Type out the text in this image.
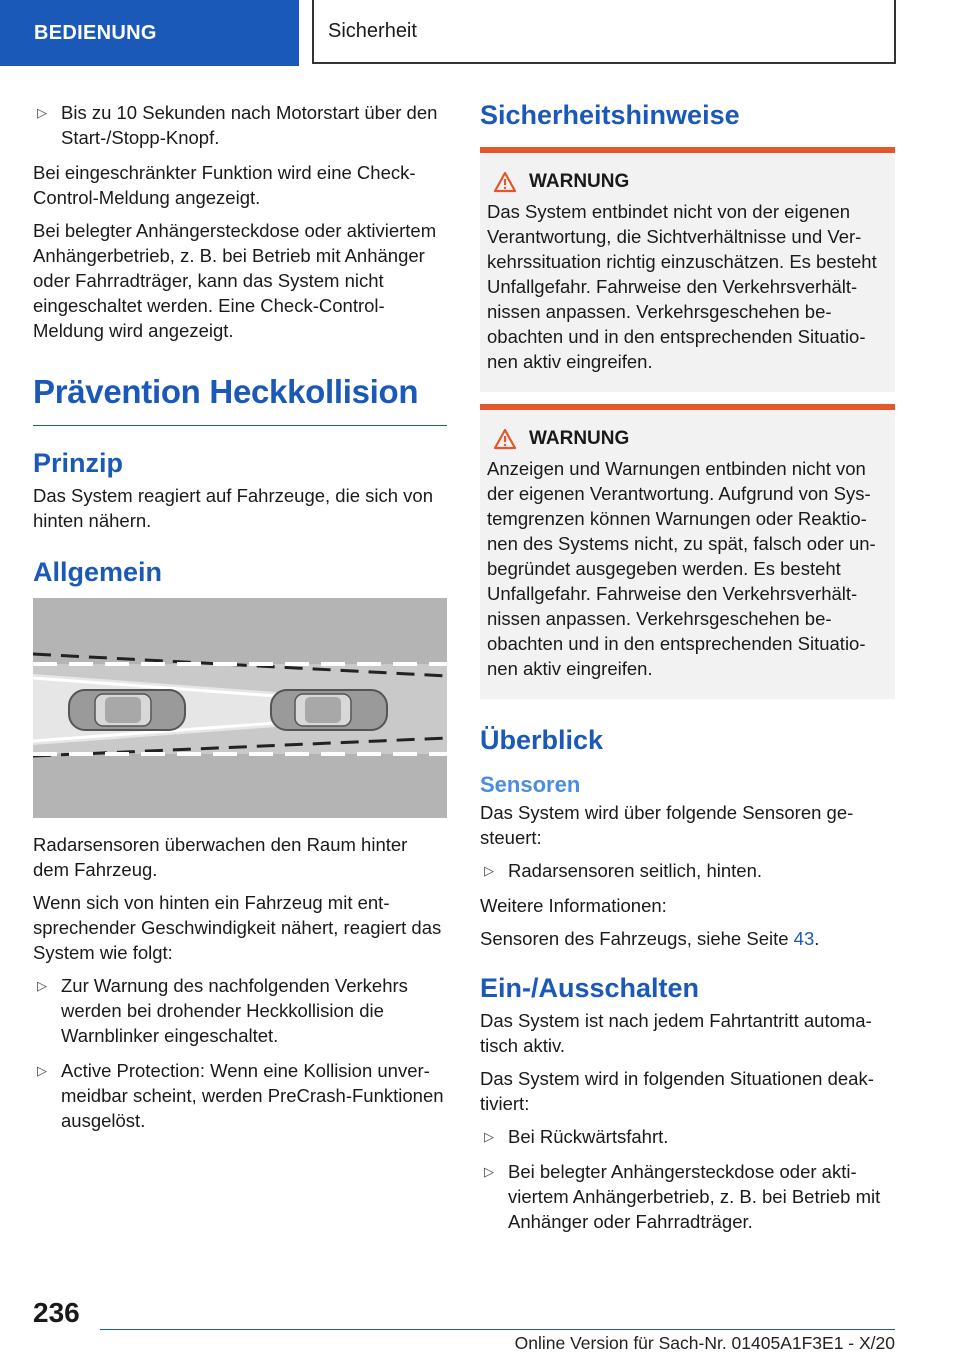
BEDIENUNG	Sicherheit
▷ Bis zu 10 Sekunden nach Motorstart über den Start-/Stopp-Knopf.

Bei eingeschränkter Funktion wird eine Check-Control-Meldung angezeigt.

Bei belegter Anhängersteckdose oder aktiviertem Anhängerbetrieb, z. B. bei Betrieb mit Anhänger oder Fahrradträger, kann das System nicht eingeschaltet werden. Eine Check-Control-Meldung wird angezeigt.

Prävention Heckkollision
Prinzip

Das System reagiert auf Fahrzeuge, die sich von hinten nähern.

Allgemein

Radarsensoren überwachen den Raum hinter dem Fahrzeug.

Wenn sich von hinten ein Fahrzeug mit entsprechender Geschwindigkeit nähert, reagiert das System wie folgt:

▷ Zur Warnung des nachfolgenden Verkehrs werden bei drohender Heckkollision die Warnblinker eingeschaltet.
▷ Active Protection: Wenn eine Kollision unvermeidbar scheint, werden PreCrash-Funktionen ausgelöst.
Sicherheitshinweise
WARNUNG

Das System entbindet nicht von der eigenen Verantwortung, die Sichtverhältnisse und Verkehrssituation richtig einzuschätzen. Es besteht Unfallgefahr. Fahrweise den Verkehrsverhältnissen anpassen. Verkehrsgeschehen beobachten und in den entsprechenden Situationen aktiv eingreifen.

WARNUNG

Anzeigen und Warnungen entbinden nicht von der eigenen Verantwortung. Aufgrund von Systemgrenzen können Warnungen oder Reaktionen des Systems nicht, zu spät, falsch oder unbegründet ausgegeben werden. Es besteht Unfallgefahr. Fahrweise den Verkehrsverhältnissen anpassen. Verkehrsgeschehen beobachten und in den entsprechenden Situationen aktiv eingreifen.

Überblick
Sensoren

Das System wird über folgende Sensoren gesteuert:

▷ Radarsensoren seitlich, hinten.

Weitere Informationen:

Sensoren des Fahrzeugs, siehe Seite 43.

Ein-/Ausschalten

Das System ist nach jedem Fahrtantritt automatisch aktiv.

Das System wird in folgenden Situationen deaktiviert:

▷ Bei Rückwärtsfahrt.
▷ Bei belegter Anhängersteckdose oder aktiviertem Anhängerbetrieb, z. B. bei Betrieb mit Anhänger oder Fahrradträger.
236
Online Version für Sach-Nr. 01405A1F3E1 - X/20
